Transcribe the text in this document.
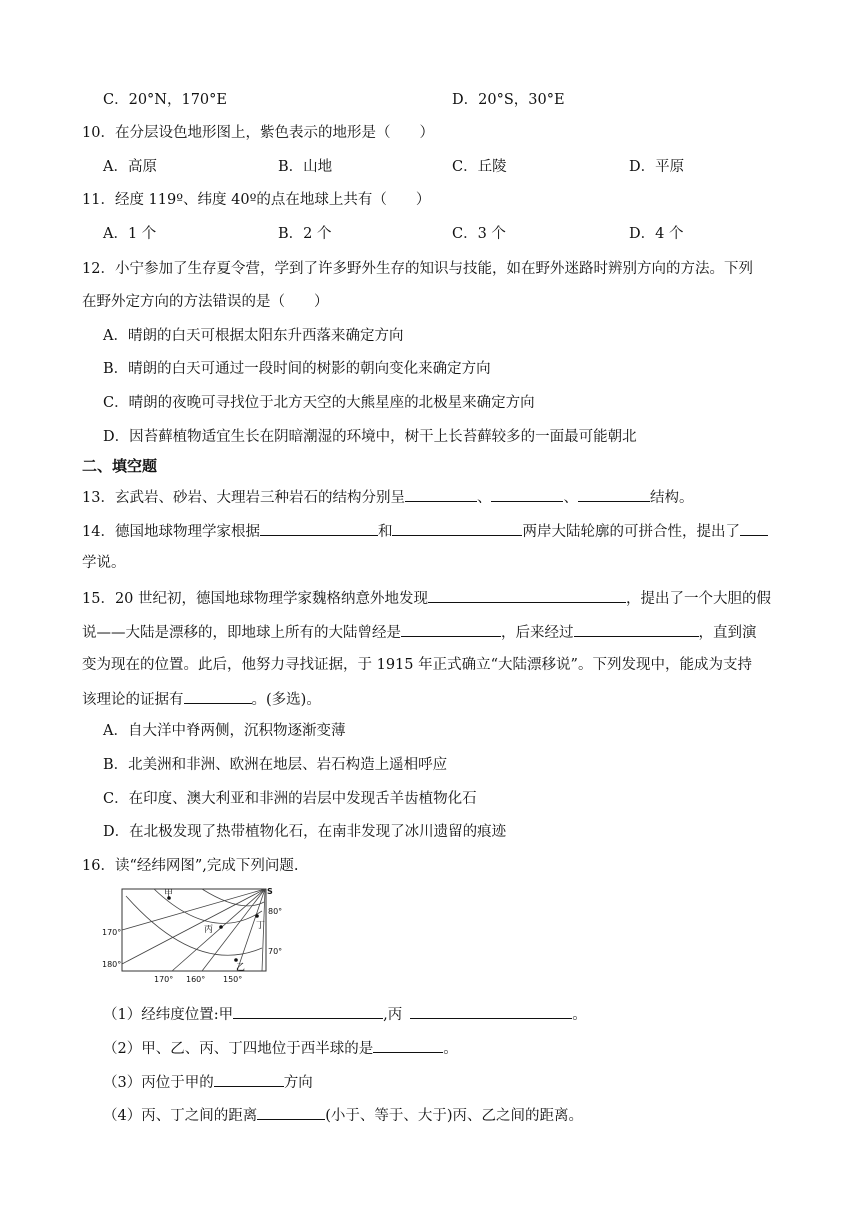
C．20°N，170°E	D．20°S，30°E
10．在分层设色地形图上，紫色表示的地形是（　　）
A．高原	B．山地	C．丘陵	D．平原
11．经度 119º、纬度 40º的点在地球上共有（　　）
A．1 个	B．2 个	C．3 个	D．4 个
12．小宁参加了生存夏令营，学到了许多野外生存的知识与技能，如在野外迷路时辨别方向的方法。下列
在野外定方向的方法错误的是（　　）
A．晴朗的白天可根据太阳东升西落来确定方向
B．晴朗的白天可通过一段时间的树影的朝向变化来确定方向
C．晴朗的夜晚可寻找位于北方天空的大熊星座的北极星来确定方向
D．因苔藓植物适宜生长在阴暗潮湿的环境中，树干上长苔藓较多的一面最可能朝北
二、填空题
13．玄武岩、砂岩、大理岩三种岩石的结构分别呈	、	、	结构。
14．德国地球物理学家根据	和	两岸大陆轮廓的可拼合性，提出了
学说。
15．20 世纪初，德国地球物理学家魏格纳意外地发现	，提出了一个大胆的假
说——大陆是漂移的，即地球上所有的大陆曾经是	，后来经过	，直到演
变为现在的位置。此后，他努力寻找证据，于 1915 年正式确立“大陆漂移说”。下列发现中，能成为支持
该理论的证据有	。(多选)。
A．自大洋中脊两侧，沉积物逐渐变薄
B．北美洲和非洲、欧洲在地层、岩石构造上遥相呼应
C．在印度、澳大利亚和非洲的岩层中发现舌羊齿植物化石
D．在北极发现了热带植物化石，在南非发现了冰川遗留的痕迹
16．读“经纬网图”,完成下列问题.
S
甲
丙
乙
丁
170°
180°
170° 160° 150°
80°
70°
（1）经纬度位置:甲	,丙	。
（2）甲、乙、丙、丁四地位于西半球的是	。
（3）丙位于甲的	方向
（4）丙、丁之间的距离	(小于、等于、大于)丙、乙之间的距离。
